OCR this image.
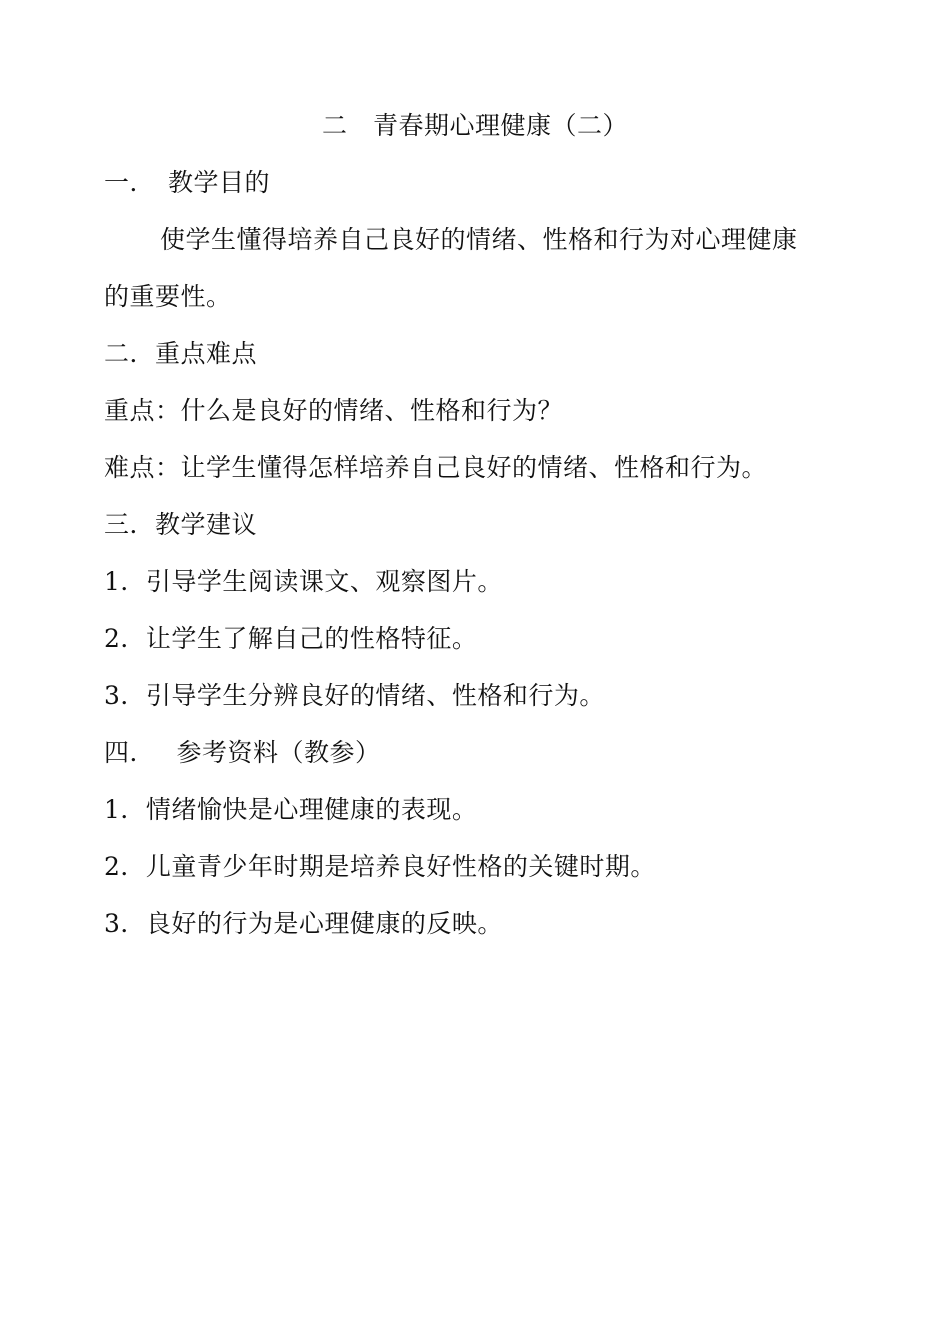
二　青春期心理健康（二）
一．　教学目的
使学生懂得培养自己良好的情绪、性格和行为对心理健康
的重要性。
二．重点难点
重点：什么是良好的情绪、性格和行为？
难点：让学生懂得怎样培养自己良好的情绪、性格和行为。
三．教学建议
1．引导学生阅读课文、观察图片。
2．让学生了解自己的性格特征。
3．引导学生分辨良好的情绪、性格和行为。
四．　 参考资料（教参）
1．情绪愉快是心理健康的表现。
2．儿童青少年时期是培养良好性格的关键时期。
3．良好的行为是心理健康的反映。
